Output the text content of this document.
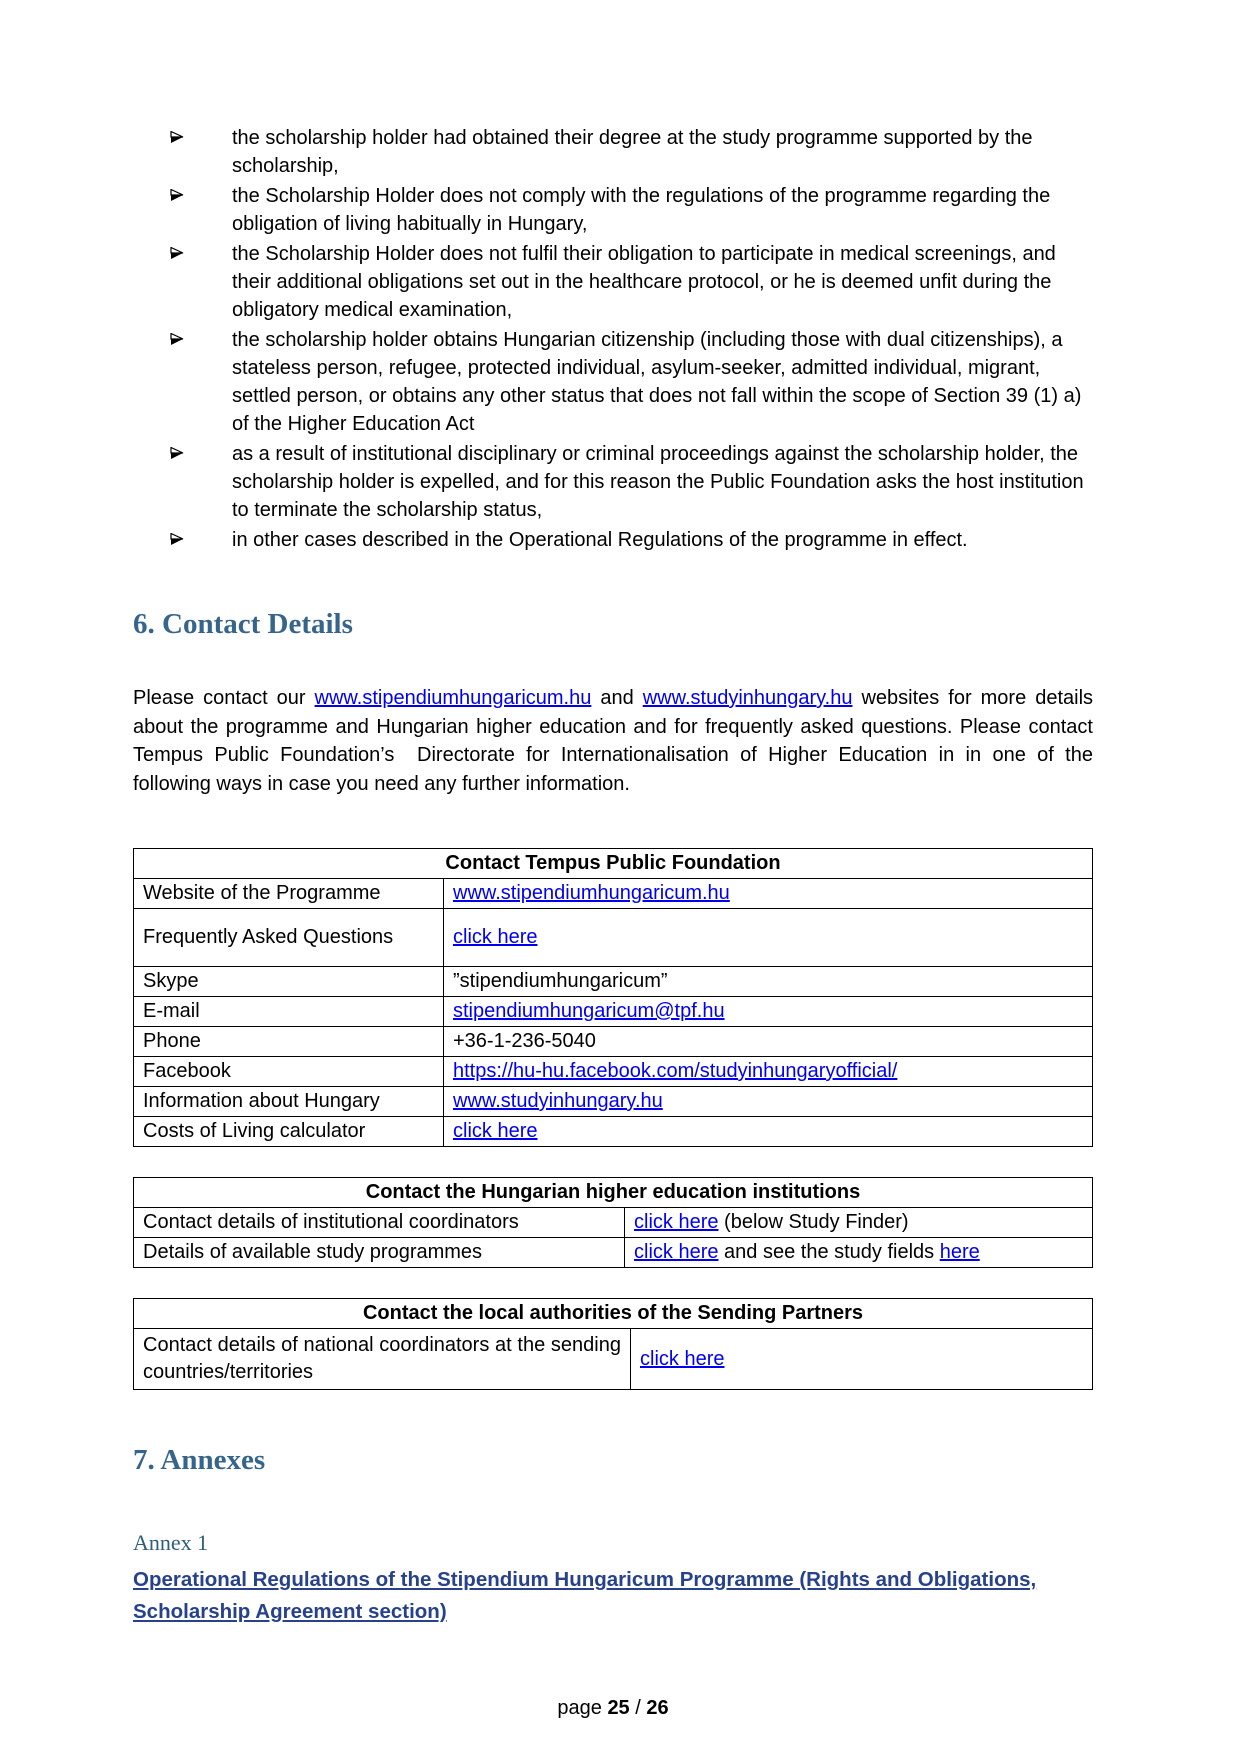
the scholarship holder had obtained their degree at the study programme supported by the scholarship,
the Scholarship Holder does not comply with the regulations of the programme regarding the obligation of living habitually in Hungary,
the Scholarship Holder does not fulfil their obligation to participate in medical screenings, and their additional obligations set out in the healthcare protocol, or he is deemed unfit during the obligatory medical examination,
the scholarship holder obtains Hungarian citizenship (including those with dual citizenships), a  stateless person, refugee, protected individual, asylum-seeker, admitted individual, migrant, settled person, or obtains any other status that does not fall within the scope of Section 39 (1) a) of the Higher Education Act
as a result of institutional disciplinary or criminal proceedings against the scholarship holder, the scholarship holder is expelled, and for this reason the Public Foundation asks the host institution to terminate the scholarship status,
in other cases described in the Operational Regulations of the programme in effect.
6. Contact Details

Please contact our www.stipendiumhungaricum.hu and www.studyinhungary.hu websites for more details about the programme and Hungarian higher education and for frequently asked questions. Please contact Tempus Public Foundation’s  Directorate for Internationalisation of Higher Education in in one of the following ways in case you need any further information.

Contact Tempus Public Foundation	
Website of the Programme	www.stipendiumhungaricum.hu
Frequently Asked Questions	click here
Skype	”stipendiumhungaricum”
E-mail	stipendiumhungaricum@tpf.hu
Phone	+36-1-236-5040
Facebook	https://hu-hu.facebook.com/studyinhungaryofficial/
Information about Hungary	www.studyinhungary.hu
Costs of Living calculator	click here
Contact the Hungarian higher education institutions	
Contact details of institutional coordinators	click here (below Study Finder)
Details of available study programmes	click here and see the study fields here
Contact the local authorities of the Sending Partners
Contact details of national coordinators at the sending countries/territories	click here
7. Annexes
Annex 1
Operational Regulations of the Stipendium Hungaricum Programme (Rights and Obligations, Scholarship Agreement section)
page 25 / 26
